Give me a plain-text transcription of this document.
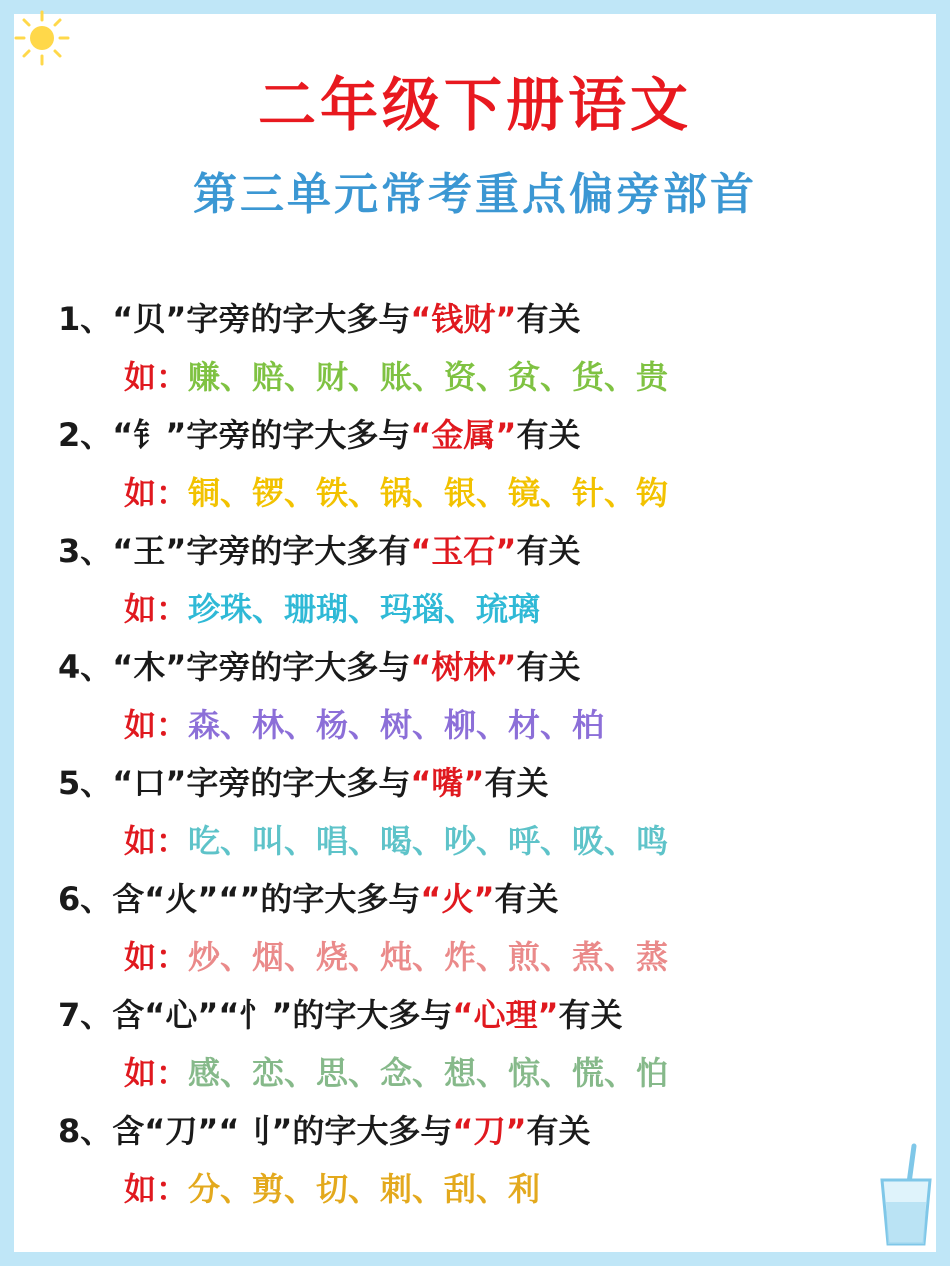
二年级下册语文
第三单元常考重点偏旁部首
1、“贝”字旁的字大多与“钱财”有关
如：赚、赔、财、账、资、贫、货、贵
2、“钅”字旁的字大多与“金属”有关
如：铜、锣、铁、锅、银、镜、针、钩
3、“王”字旁的字大多有“玉石”有关
如：珍珠、珊瑚、玛瑙、琉璃
4、“木”字旁的字大多与“树林”有关
如：森、林、杨、树、柳、材、柏
5、“口”字旁的字大多与“嘴”有关
如：吃、叫、唱、喝、吵、呼、吸、鸣
6、含“火”“”的字大多与“火”有关
如：炒、烟、烧、炖、炸、煎、煮、蒸
7、含“心”“忄”的字大多与“心理”有关
如：感、恋、思、念、想、惊、慌、怕
8、含“刀”“刂”的字大多与“刀”有关
如：分、剪、切、刺、刮、利
